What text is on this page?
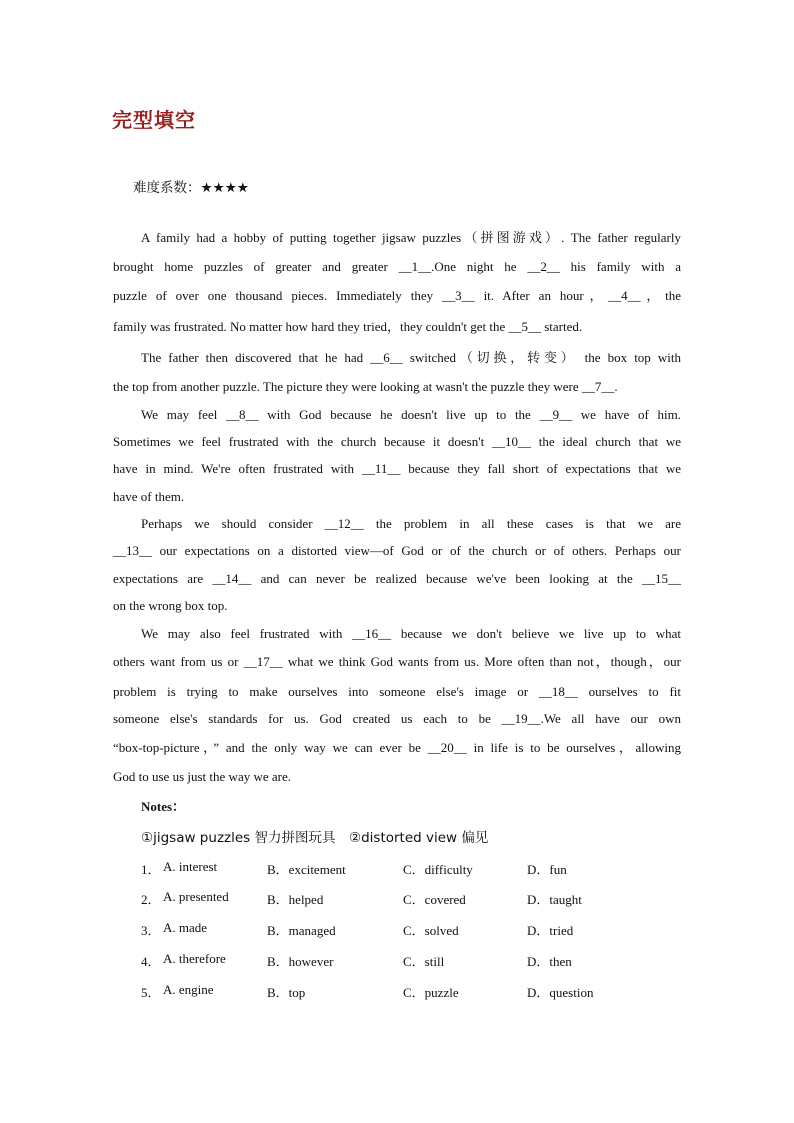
完型填空
难度系数：★★★★
A family had a hobby of putting together jigsaw puzzles（拼图游戏）. The father regularly
brought home puzzles of greater and greater __1__.One night he __2__ his family with a
puzzle of over one thousand pieces. Immediately they __3__ it. After an hour，__4__，the
family was frustrated. No matter how hard they tried，they couldn't get the __5__ started.
The father then discovered that he had __6__ switched（切换，转变） the box top with
the top from another puzzle. The picture they were looking at wasn't the puzzle they were __7__.
We may feel __8__ with God because he doesn't live up to the __9__ we have of him.
Sometimes we feel frustrated with the church because it doesn't __10__ the ideal church that we
have in mind. We're often frustrated with __11__ because they fall short of expectations that we
have of them.
Perhaps we should consider __12__ the problem in all these cases is that we are
__13__ our expectations on a distorted view—of God or of the church or of others. Perhaps our
expectations are __14__ and can never be realized because we've been looking at the __15__
on the wrong box top.
We may also feel frustrated with __16__ because we don't believe we live up to what
others want from us or __17__ what we think God wants from us. More often than not，though，our
problem is trying to make ourselves into someone else's image or __18__ ourselves to fit
someone else's standards for us. God created us each to be __19__.We all have our own
“box-top-picture，” and the only way we can ever be __20__ in life is to be ourselves，allowing
God to use us just the way we are.
Notes：
①jigsaw puzzles 智力拼图玩具　②distorted view 偏见
1． A. interest	B．excitement	C．difficulty	D．fun
2． A. presented	B．helped	C．covered	D．taught
3． A. made	B．managed	C．solved	D．tried
4． A. therefore	B．however	C．still	D．then
5． A. engine	B．top	C．puzzle	D．question
